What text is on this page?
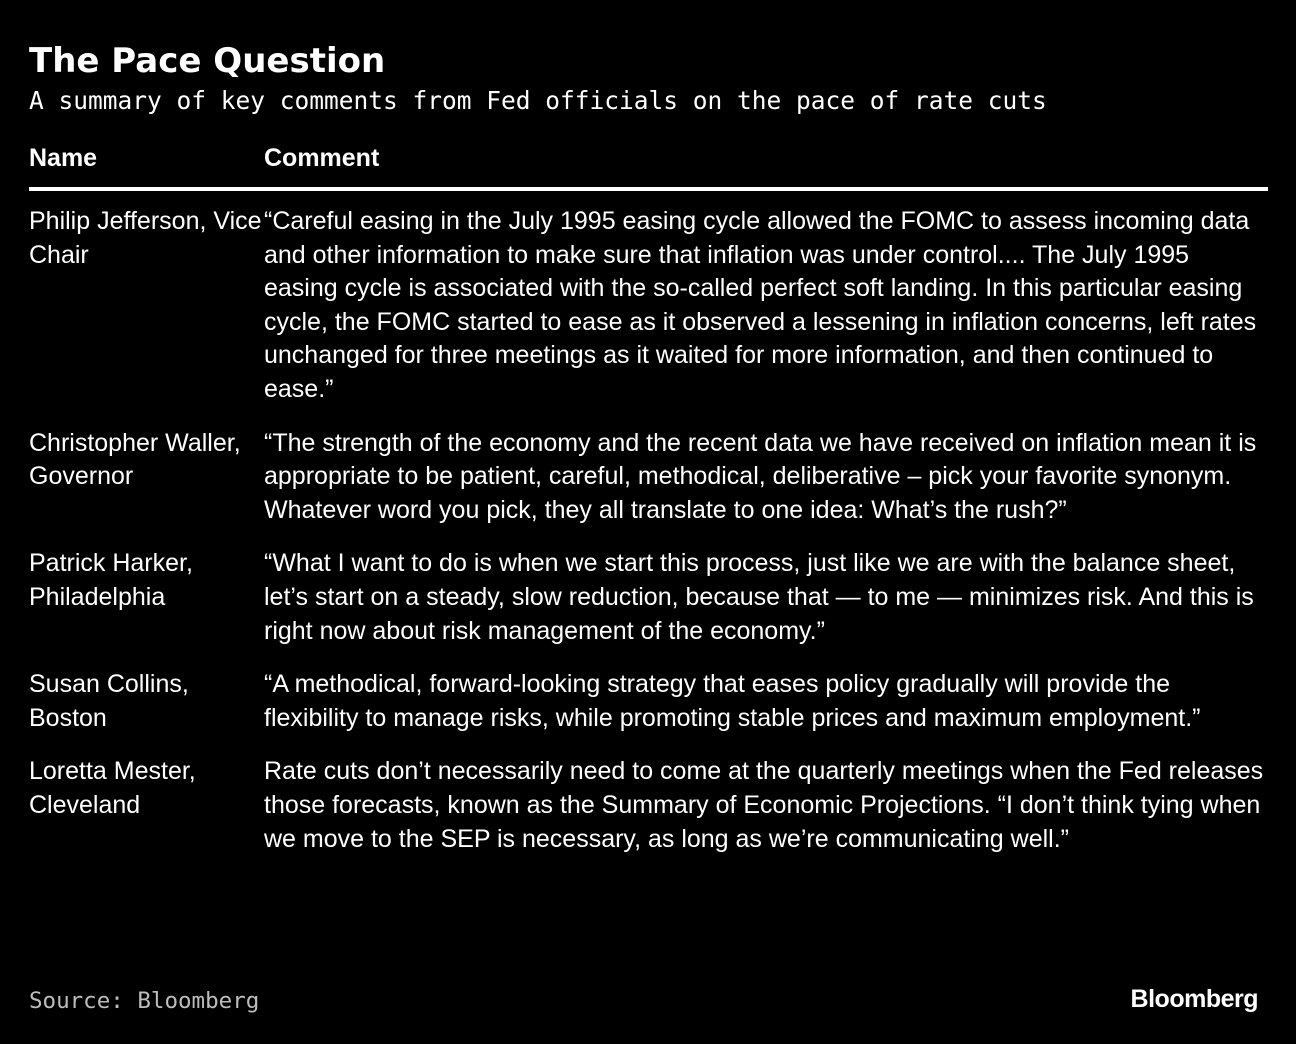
The Pace Question
A summary of key comments from Fed officials on the pace of rate cuts
Name	Comment
Philip Jefferson, Vice Chair
“Careful easing in the July 1995 easing cycle allowed the FOMC to assess incoming data and other information to make sure that inflation was under control.... The July 1995 easing cycle is associated with the so-called perfect soft landing. In this particular easing cycle, the FOMC started to ease as it observed a lessening in inflation concerns, left rates unchanged for three meetings as it waited for more information, and then continued to ease.”
Christopher Waller, Governor
“The strength of the economy and the recent data we have received on inflation mean it is appropriate to be patient, careful, methodical, deliberative – pick your favorite synonym. Whatever word you pick, they all translate to one idea: What’s the rush?”
Patrick Harker, Philadelphia
“What I want to do is when we start this process, just like we are with the balance sheet, let’s start on a steady, slow reduction, because that — to me — minimizes risk. And this is right now about risk management of the economy.”
Susan Collins, Boston
“A methodical, forward-looking strategy that eases policy gradually will provide the flexibility to manage risks, while promoting stable prices and maximum employment.”
Loretta Mester, Cleveland
Rate cuts don’t necessarily need to come at the quarterly meetings when the Fed releases those forecasts, known as the Summary of Economic Projections. “I don’t think tying when we move to the SEP is necessary, as long as we’re communicating well.”
Source: Bloomberg	Bloomberg
